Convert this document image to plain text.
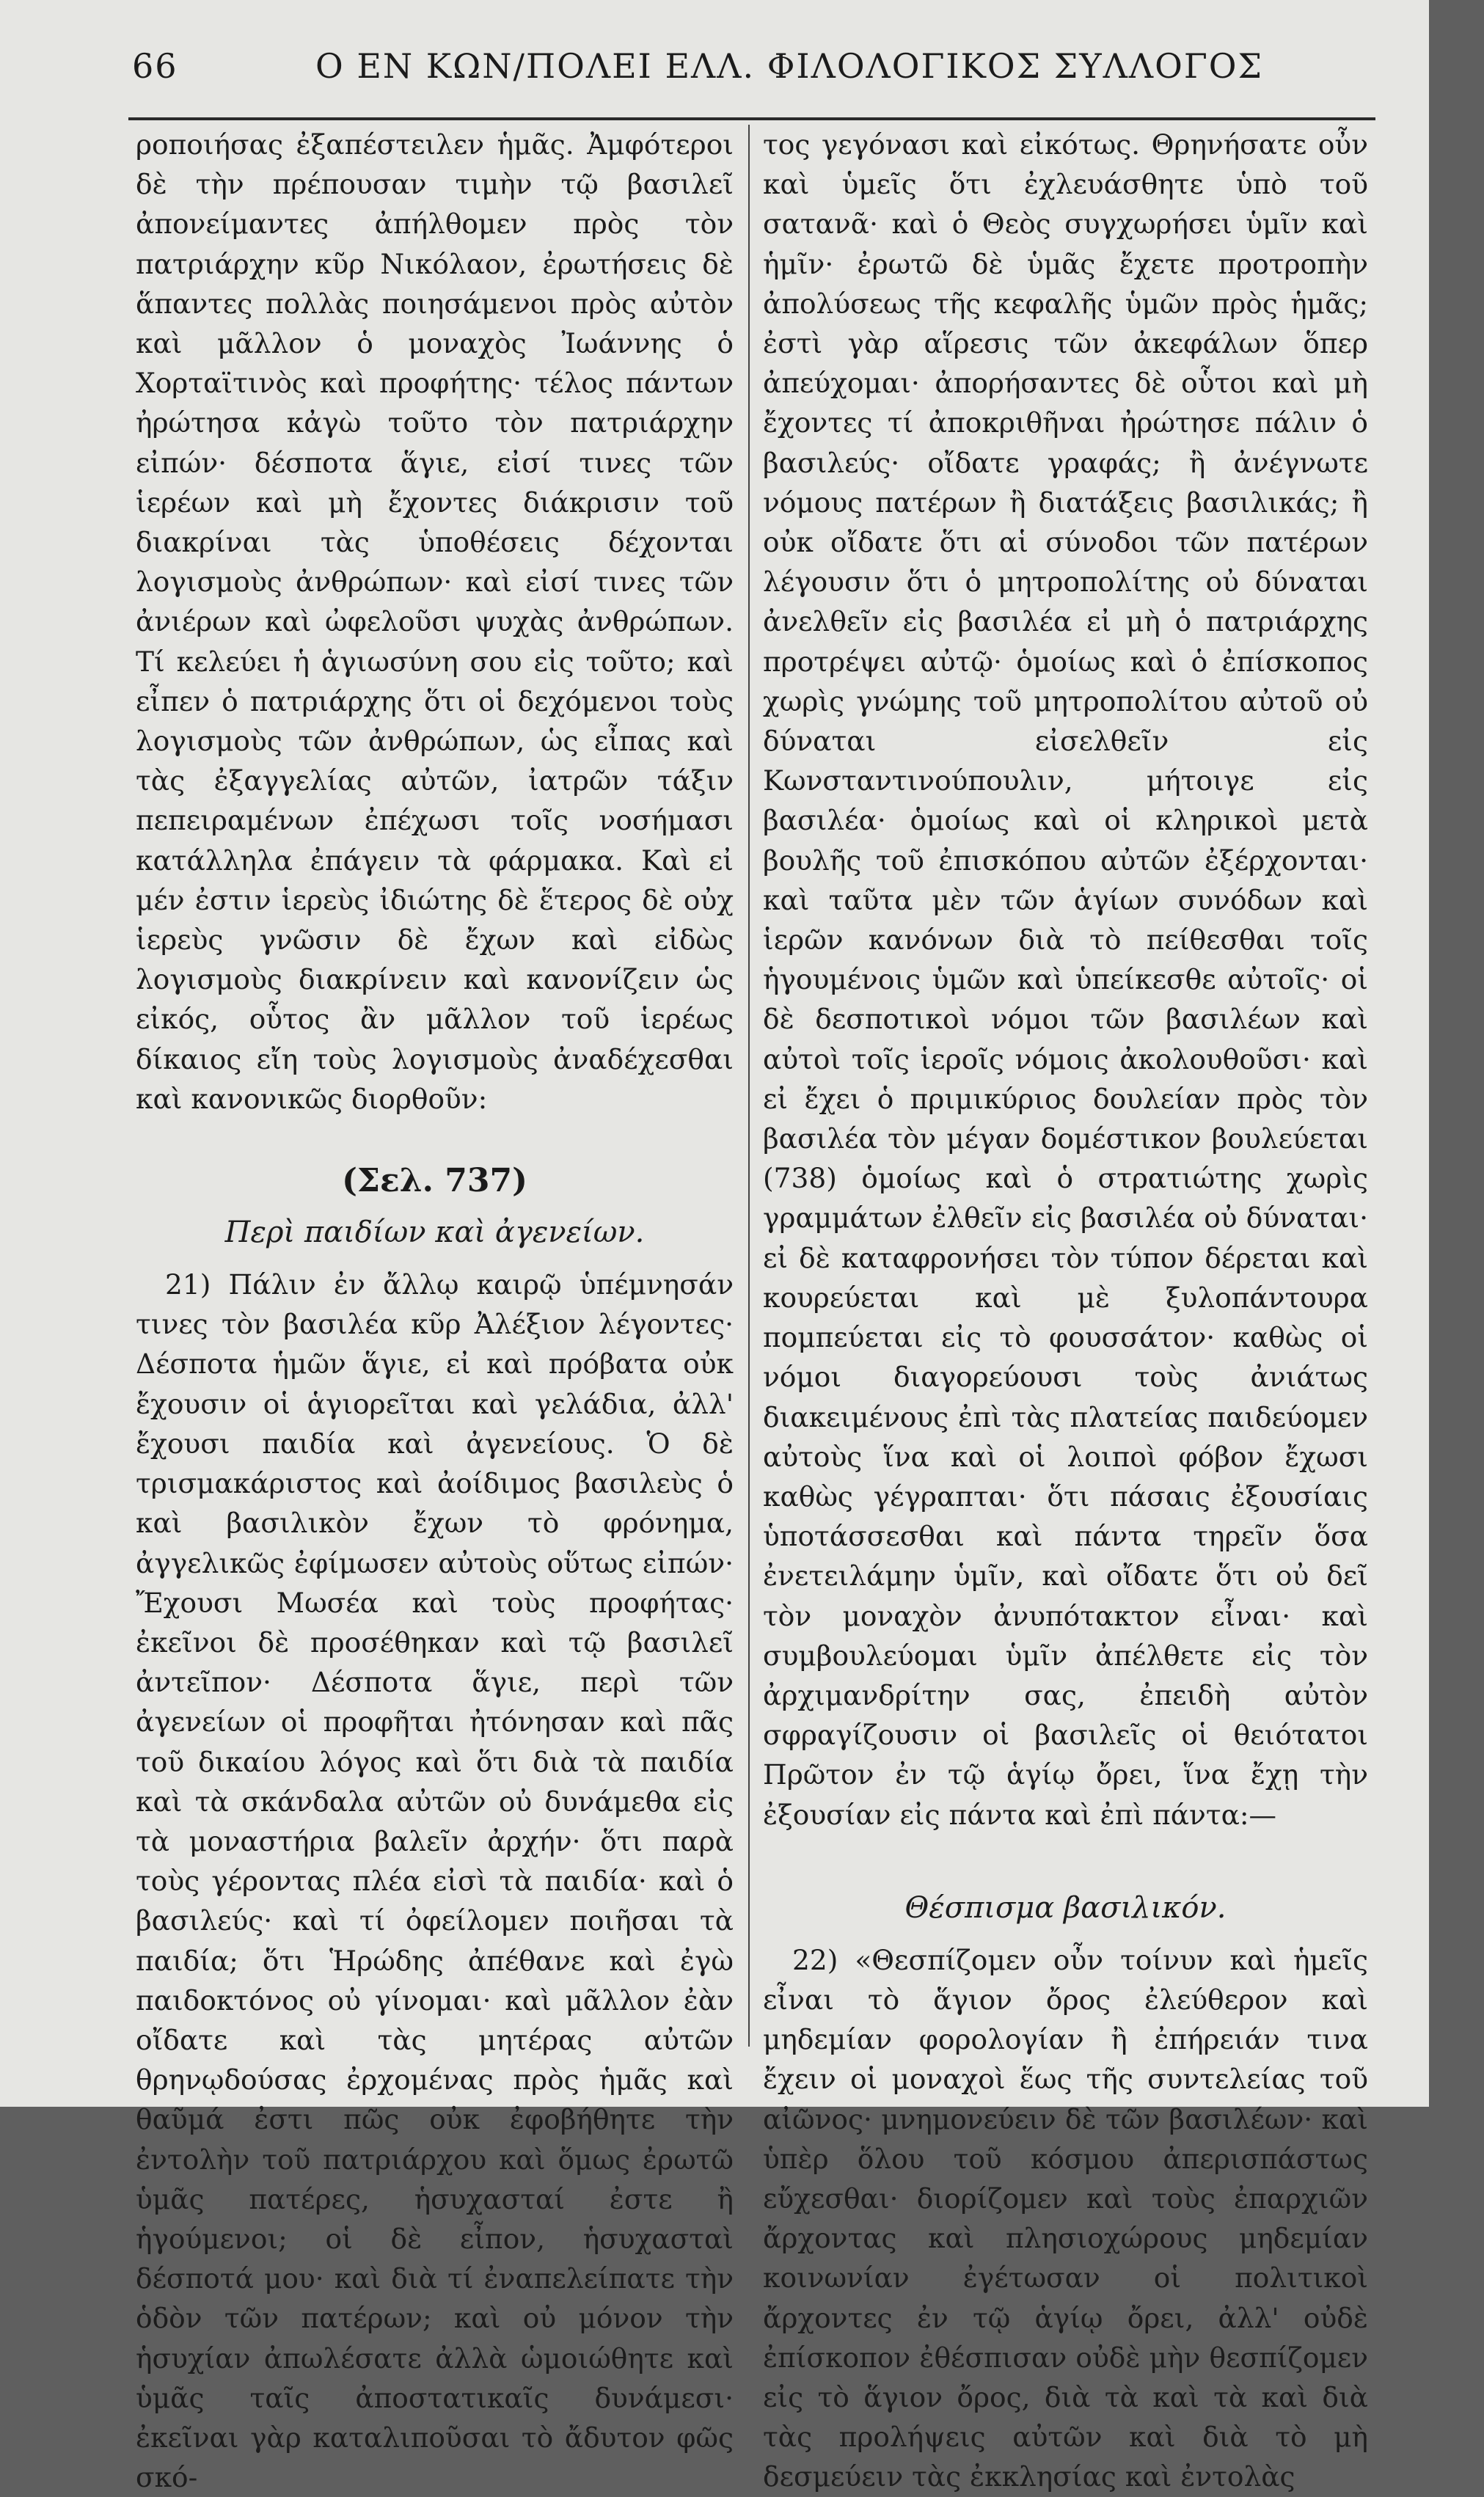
66	Ο ΕΝ ΚΩΝ/ΠΟΛΕΙ ΕΛΛ. ΦΙΛΟΛΟΓΙΚΟΣ ΣΥΛΛΟΓΟΣ

ροποιήσας ἐξαπέστειλεν ἡμᾶς. Ἀμφότεροι δὲ τὴν πρέπουσαν τιμὴν τῷ βασιλεῖ ἀπονείμαντες ἀπήλθομεν πρὸς τὸν πατριάρχην κῦρ Νικόλαον, ἐρωτήσεις δὲ ἅπαντες πολλὰς ποιησάμενοι πρὸς αὐτὸν καὶ μᾶλλον ὁ μοναχὸς Ἰωάννης ὁ Χορταϊτινὸς καὶ προφήτης· τέλος πάντων ἠρώτησα κἀγὼ τοῦτο τὸν πατριάρχην εἰπών· δέσποτα ἅγιε, εἰσί τινες τῶν ἱερέων καὶ μὴ ἔχοντες διάκρισιν τοῦ διακρίναι τὰς ὑποθέσεις δέχονται λογισμοὺς ἀνθρώπων· καὶ εἰσί τινες τῶν ἀνιέρων καὶ ὠφελοῦσι ψυχὰς ἀνθρώπων. Τί κελεύει ἡ ἁγιωσύνη σου εἰς τοῦτο; καὶ εἶπεν ὁ πατριάρχης ὅτι οἱ δεχόμενοι τοὺς λογισμοὺς τῶν ἀνθρώπων, ὡς εἶπας καὶ τὰς ἐξαγγελίας αὐτῶν, ἰατρῶν τάξιν πεπειραμένων ἐπέχωσι τοῖς νοσήμασι κατάλληλα ἐπάγειν τὰ φάρμακα. Καὶ εἰ μέν ἐστιν ἱερεὺς ἰδιώτης δὲ ἕτερος δὲ οὐχ ἱερεὺς γνῶσιν δὲ ἔχων καὶ εἰδὼς λογισμοὺς διακρίνειν καὶ κανονίζειν ὡς εἰκός, οὗτος ἂν μᾶλλον τοῦ ἱερέως δίκαιος εἴη τοὺς λογισμοὺς ἀναδέχεσθαι καὶ κανονικῶς διορθοῦν:

(Σελ. 737)
Περὶ παιδίων καὶ ἀγενείων.

21) Πάλιν ἐν ἄλλῳ καιρῷ ὑπέμνησάν τινες τὸν βασιλέα κῦρ Ἀλέξιον λέγοντες· Δέσποτα ἡμῶν ἅγιε, εἰ καὶ πρόβατα οὐκ ἔχουσιν οἱ ἁγιορεῖται καὶ γελάδια, ἀλλ' ἔχουσι παιδία καὶ ἀγενείους. Ὁ δὲ τρισμακάριστος καὶ ἀοίδιμος βασιλεὺς ὁ καὶ βασιλικὸν ἔχων τὸ φρόνημα, ἀγγελικῶς ἐφίμωσεν αὐτοὺς οὕτως εἰπών· Ἔχουσι Μωσέα καὶ τοὺς προφήτας· ἐκεῖνοι δὲ προσέθηκαν καὶ τῷ βασιλεῖ ἀντεῖπον· Δέσποτα ἅγιε, περὶ τῶν ἀγενείων οἱ προφῆται ἠτόνησαν καὶ πᾶς τοῦ δικαίου λόγος καὶ ὅτι διὰ τὰ παιδία καὶ τὰ σκάνδαλα αὐτῶν οὐ δυνάμεθα εἰς τὰ μοναστήρια βαλεῖν ἀρχήν· ὅτι παρὰ τοὺς γέροντας πλέα εἰσὶ τὰ παιδία· καὶ ὁ βασιλεύς· καὶ τί ὀφείλομεν ποιῆσαι τὰ παιδία; ὅτι Ἡρώδης ἀπέθανε καὶ ἐγὼ παιδοκτόνος οὐ γίνομαι· καὶ μᾶλλον ἐὰν οἴδατε καὶ τὰς μητέρας αὐτῶν θρηνῳδούσας ἐρχομένας πρὸς ἡμᾶς καὶ θαῦμά ἐστι πῶς οὐκ ἐφοβήθητε τὴν ἐντολὴν τοῦ πατριάρχου καὶ ὅμως ἐρωτῶ ὑμᾶς πατέρες, ἡσυχασταί ἐστε ἢ ἡγούμενοι; οἱ δὲ εἶπον, ἡσυχασταὶ δέσποτά μου· καὶ διὰ τί ἐναπελείπατε τὴν ὁδὸν τῶν πατέρων; καὶ οὐ μόνον τὴν ἡσυχίαν ἀπωλέσατε ἀλλὰ ὡμοιώθητε καὶ ὑμᾶς ταῖς ἀποστατικαῖς δυνάμεσι· ἐκεῖναι γὰρ καταλιποῦσαι τὸ ἄδυτον φῶς σκό-

τος γεγόνασι καὶ εἰκότως. Θρηνήσατε οὖν καὶ ὑμεῖς ὅτι ἐχλευάσθητε ὑπὸ τοῦ σατανᾶ· καὶ ὁ Θεὸς συγχωρήσει ὑμῖν καὶ ἡμῖν· ἐρωτῶ δὲ ὑμᾶς ἔχετε προτροπὴν ἀπολύσεως τῆς κεφαλῆς ὑμῶν πρὸς ἡμᾶς; ἐστὶ γὰρ αἵρεσις τῶν ἀκεφάλων ὅπερ ἀπεύχομαι· ἀπορήσαντες δὲ οὗτοι καὶ μὴ ἔχοντες τί ἀποκριθῆναι ἠρώτησε πάλιν ὁ βασιλεύς· οἴδατε γραφάς; ἢ ἀνέγνωτε νόμους πατέρων ἢ διατάξεις βασιλικάς; ἢ οὐκ οἴδατε ὅτι αἱ σύνοδοι τῶν πατέρων λέγουσιν ὅτι ὁ μητροπολίτης οὐ δύναται ἀνελθεῖν εἰς βασιλέα εἰ μὴ ὁ πατριάρχης προτρέψει αὐτῷ· ὁμοίως καὶ ὁ ἐπίσκοπος χωρὶς γνώμης τοῦ μητροπολίτου αὐτοῦ οὐ δύναται εἰσελθεῖν εἰς Κωνσταντινούπουλιν, μήτοιγε εἰς βασιλέα· ὁμοίως καὶ οἱ κληρικοὶ μετὰ βουλῆς τοῦ ἐπισκόπου αὐτῶν ἐξέρχονται· καὶ ταῦτα μὲν τῶν ἁγίων συνόδων καὶ ἱερῶν κανόνων διὰ τὸ πείθεσθαι τοῖς ἡγουμένοις ὑμῶν καὶ ὑπείκεσθε αὐτοῖς· οἱ δὲ δεσποτικοὶ νόμοι τῶν βασιλέων καὶ αὐτοὶ τοῖς ἱεροῖς νόμοις ἀκολουθοῦσι· καὶ εἰ ἔχει ὁ πριμικύριος δουλείαν πρὸς τὸν βασιλέα τὸν μέγαν δομέστικον βουλεύεται (738) ὁμοίως καὶ ὁ στρατιώτης χωρὶς γραμμάτων ἐλθεῖν εἰς βασιλέα οὐ δύναται· εἰ δὲ καταφρονήσει τὸν τύπον δέρεται καὶ κουρεύεται καὶ μὲ ξυλοπάντουρα πομπεύεται εἰς τὸ φουσσάτον· καθὼς οἱ νόμοι διαγορεύουσι τοὺς ἀνιάτως διακειμένους ἐπὶ τὰς πλατείας παιδεύομεν αὐτοὺς ἵνα καὶ οἱ λοιποὶ φόβον ἔχωσι καθὼς γέγραπται· ὅτι πάσαις ἐξουσίαις ὑποτάσσεσθαι καὶ πάντα τηρεῖν ὅσα ἐνετειλάμην ὑμῖν, καὶ οἴδατε ὅτι οὐ δεῖ τὸν μοναχὸν ἀνυπότακτον εἶναι· καὶ συμβουλεύομαι ὑμῖν ἀπέλθετε εἰς τὸν ἀρχιμανδρίτην σας, ἐπειδὴ αὐτὸν σφραγίζουσιν οἱ βασιλεῖς οἱ θειότατοι Πρῶτον ἐν τῷ ἁγίῳ ὄρει, ἵνα ἔχῃ τὴν ἐξουσίαν εἰς πάντα καὶ ἐπὶ πάντα:—

Θέσπισμα βασιλικόν.

22) «Θεσπίζομεν οὖν τοίνυν καὶ ἡμεῖς εἶναι τὸ ἅγιον ὄρος ἐλεύθερον καὶ μηδεμίαν φορολογίαν ἢ ἐπήρειάν τινα ἔχειν οἱ μοναχοὶ ἕως τῆς συντελείας τοῦ αἰῶνος· μνημονεύειν δὲ τῶν βασιλέων· καὶ ὑπὲρ ὅλου τοῦ κόσμου ἀπερισπάστως εὔχεσθαι· διορίζομεν καὶ τοὺς ἐπαρχιῶν ἄρχοντας καὶ πλησιοχώρους μηδεμίαν κοινωνίαν ἐγέτωσαν οἱ πολιτικοὶ ἄρχοντες ἐν τῷ ἁγίῳ ὄρει, ἀλλ' οὐδὲ ἐπίσκοπον ἐθέσπισαν οὐδὲ μὴν θεσπίζομεν εἰς τὸ ἅγιον ὄρος, διὰ τὰ καὶ τὰ καὶ διὰ τὰς προλήψεις αὐτῶν καὶ διὰ τὸ μὴ δεσμεύειν τὰς ἐκκλησίας καὶ ἐντολὰς
